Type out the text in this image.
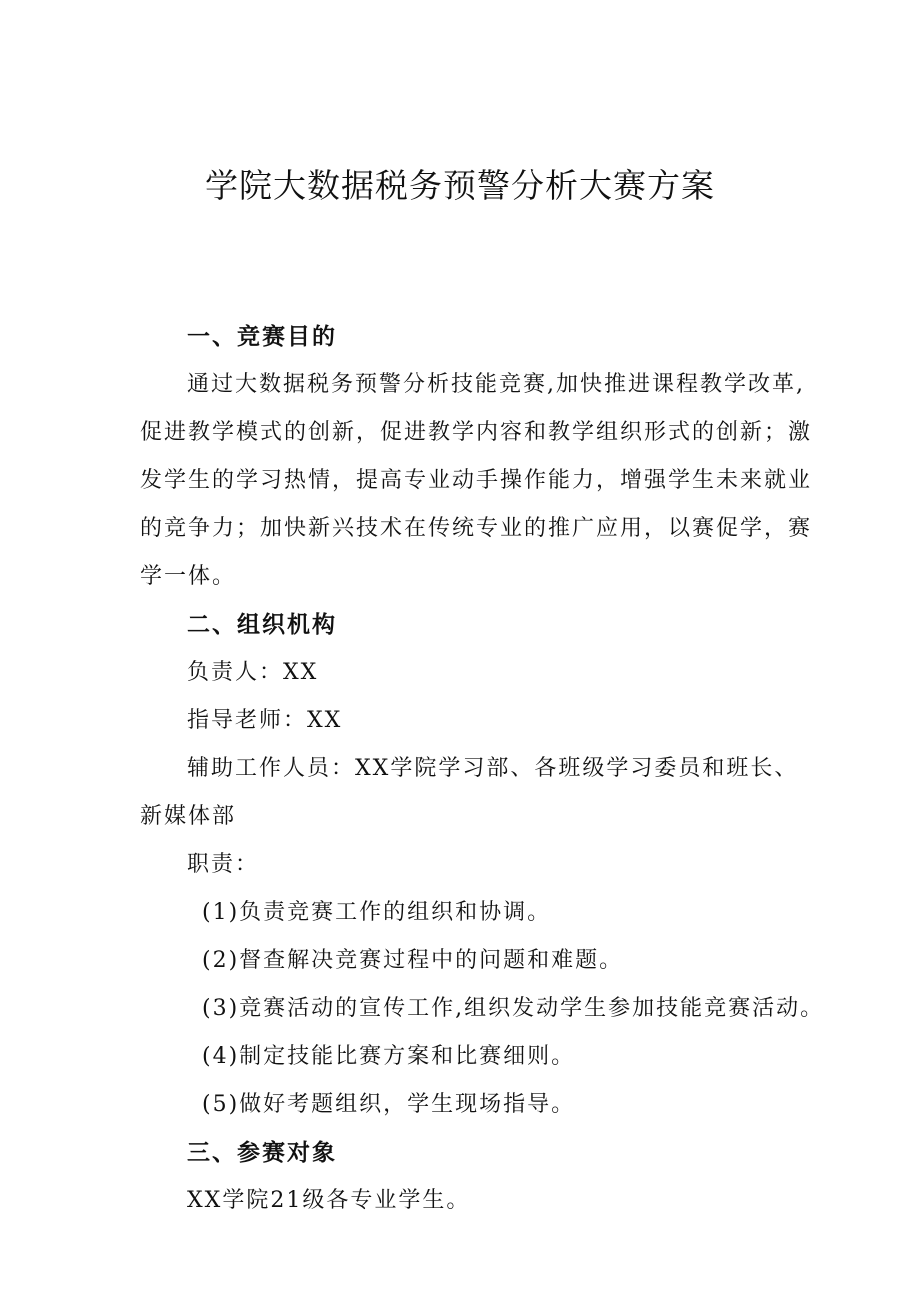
学院大数据税务预警分析大赛方案
一、竞赛目的
通过大数据税务预警分析技能竞赛,加快推进课程教学改革,
促进教学模式的创新，促进教学内容和教学组织形式的创新；激
发学生的学习热情，提高专业动手操作能力，增强学生未来就业
的竞争力；加快新兴技术在传统专业的推广应用，以赛促学，赛
学一体。
二、组织机构
负责人：XX
指导老师：XX
辅助工作人员：XX学院学习部、各班级学习委员和班长、
新媒体部
职责：
(1)负责竞赛工作的组织和协调。
(2)督查解决竞赛过程中的问题和难题。
(3)竞赛活动的宣传工作,组织发动学生参加技能竞赛活动。
(4)制定技能比赛方案和比赛细则。
(5)做好考题组织，学生现场指导。
三、参赛对象
XX学院21级各专业学生。
